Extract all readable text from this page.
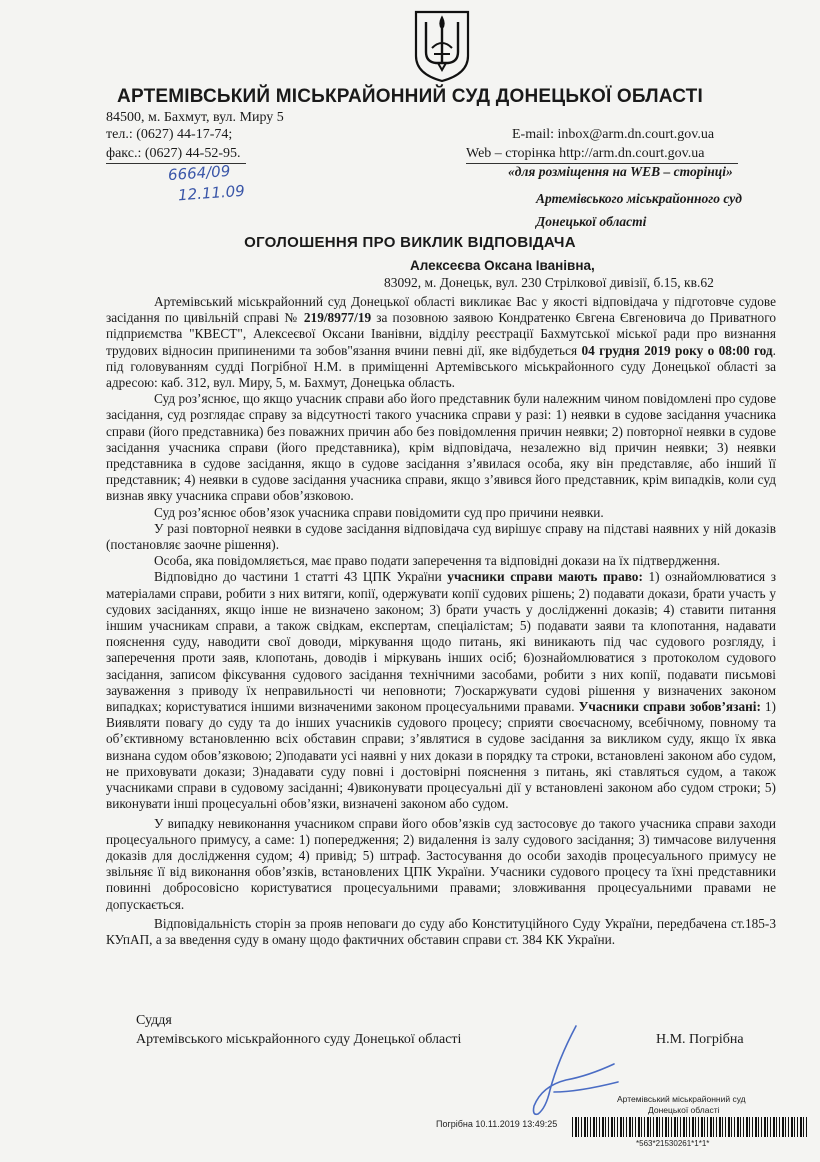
АРТЕМІВСЬКИЙ МІСЬКРАЙОННИЙ СУД ДОНЕЦЬКОЇ ОБЛАСТІ
84500, м. Бахмут, вул. Миру 5
тел.: (0627) 44-17-74;
факс.: (0627) 44-52-95.
E-mail: inbox@arm.dn.court.gov.ua
Web – сторінка http://arm.dn.court.gov.ua
6664/09
12.11.09
«для розміщення на WEB – сторінці»
Артемівського міськрайонного суд
Донецької області
ОГОЛОШЕННЯ ПРО ВИКЛИК ВІДПОВІДАЧА
Алексеєва Оксана Іванівна,
83092, м. Донецьк, вул. 230 Стрілкової дивізії, б.15, кв.62

Артемівський міськрайонний суд Донецької області викликає Вас у якості відповідача у підготовче судове засідання по цивільній справі № 219/8977/19 за позовною заявою Кондратенко Євгена Євгеновича до Приватного підприємства "КВЕСТ", Алексеєвої Оксани Іванівни, відділу реєстрації Бахмутської міської ради про визнання трудових відносин припиненими та зобов"язання вчини певні дії, яке відбудеться 04 грудня 2019 року о 08:00 год. під головуванням судді Погрібної Н.М. в приміщенні Артемівського міськрайонного суду Донецької області за адресою: каб. 312, вул. Миру, 5, м. Бахмут, Донецька область.

Суд роз’яснює, що якщо учасник справи або його представник були належним чином повідомлені про судове засідання, суд розглядає справу за відсутності такого учасника справи у разі: 1) неявки в судове засідання учасника справи (його представника) без поважних причин або без повідомлення причин неявки; 2) повторної неявки в судове засідання учасника справи (його представника), крім відповідача, незалежно від причин неявки; 3) неявки представника в судове засідання, якщо в судове засідання з’явилася особа, яку він представляє, або інший її представник; 4) неявки в судове засідання учасника справи, якщо з’явився його представник, крім випадків, коли суд визнав явку учасника справи обов’язковою.

Суд роз’яснює обов’язок учасника справи повідомити суд про причини неявки.

У разі повторної неявки в судове засідання відповідача суд вирішує справу на підставі наявних у ній доказів (постановляє заочне рішення).

Особа, яка повідомляється, має право подати заперечення та відповідні докази на їх підтвердження.

Відповідно до частини 1 статті 43 ЦПК України учасники справи мають право: 1) ознайомлюватися з матеріалами справи, робити з них витяги, копії, одержувати копії судових рішень; 2) подавати докази, брати участь у судових засіданнях, якщо інше не визначено законом; 3) брати участь у дослідженні доказів; 4) ставити питання іншим учасникам справи, а також свідкам, експертам, спеціалістам; 5) подавати заяви та клопотання, надавати пояснення суду, наводити свої доводи, міркування щодо питань, які виникають під час судового розгляду, і заперечення проти заяв, клопотань, доводів і міркувань інших осіб; 6)ознайомлюватися з протоколом судового засідання, записом фіксування судового засідання технічними засобами, робити з них копії, подавати письмові зауваження з приводу їх неправильності чи неповноти; 7)оскаржувати судові рішення у визначених законом випадках; користуватися іншими визначеними законом процесуальними правами. Учасники справи зобов’язані: 1) Виявляти повагу до суду та до інших учасників судового процесу; сприяти своєчасному, всебічному, повному та об’єктивному встановленню всіх обставин справи; з’являтися в судове засідання за викликом суду, якщо їх явка визнана судом обов’язковою; 2)подавати усі наявні у них докази в порядку та строки, встановлені законом або судом, не приховувати докази; 3)надавати суду повні і достовірні пояснення з питань, які ставляться судом, а також учасниками справи в судовому засіданні; 4)виконувати процесуальні дії у встановлені законом або судом строки; 5) виконувати інші процесуальні обов’язки, визначені законом або судом.

У випадку невиконання учасником справи його обов’язків суд застосовує до такого учасника справи заходи процесуального примусу, а саме: 1) попередження; 2) видалення із залу судового засідання; 3) тимчасове вилучення доказів для дослідження судом; 4) привід; 5) штраф. Застосування до особи заходів процесуального примусу не звільняє її від виконання обов’язків, встановлених ЦПК України. Учасники судового процесу та їхні представники повинні добросовісно користуватися процесуальними правами; зловживання процесуальними правами не допускається.

Відповідальність сторін за прояв неповаги до суду або Конституційного Суду України, передбачена ст.185-3 КУпАП, а за введення суду в оману щодо фактичних обставин справи ст. 384 КК України.

Суддя
Артемівського міськрайонного суду Донецької області	Н.М. Погрібна
Артемівський міськрайонний суд
Донецької області
Погрібна 10.11.2019 13:49:25
*563*21530261*1*1*
